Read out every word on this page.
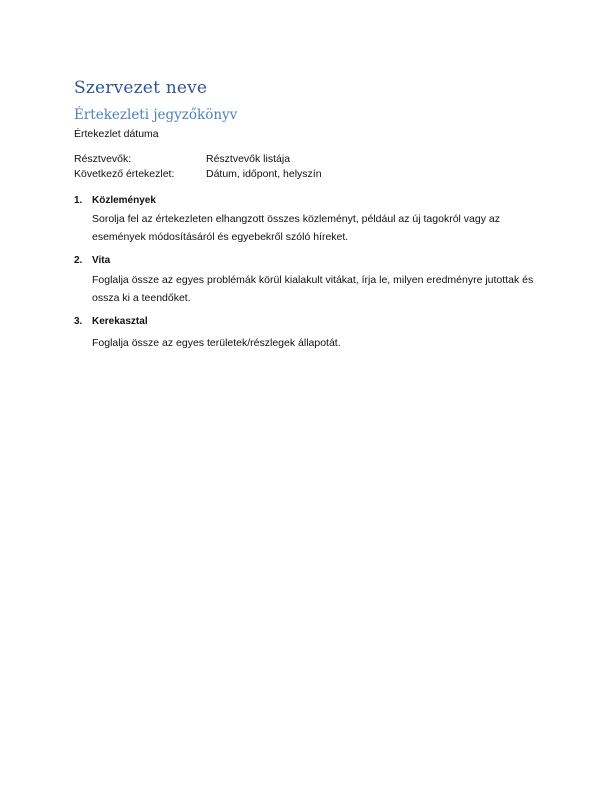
Szervezet neve
Értekezleti jegyzőkönyv
Értekezlet dátuma
Résztvevők:	Résztvevők listája
Következő értekezlet:	Dátum, időpont, helyszín
1. Közlemények
Sorolja fel az értekezleten elhangzott összes közleményt, például az új tagokról vagy az események módosításáról és egyebekről szóló híreket.
2. Vita
Foglalja össze az egyes problémák körül kialakult vitákat, írja le, milyen eredményre jutottak és ossza ki a teendőket.
3. Kerekasztal
Foglalja össze az egyes területek/részlegek állapotát.
